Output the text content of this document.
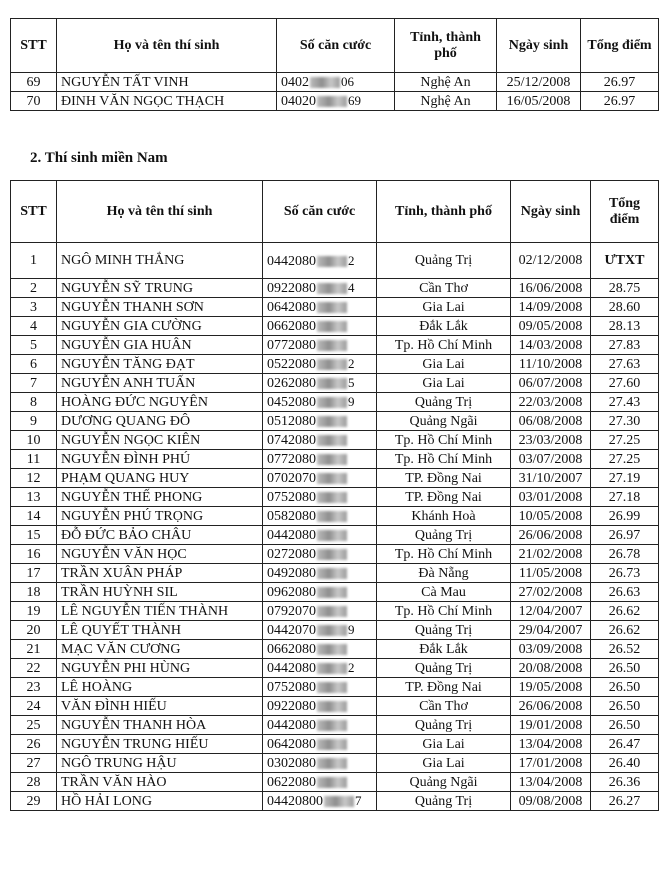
STT	Họ và tên thí sinh	Số căn cước	Tỉnh, thành phố	Ngày sinh	Tổng điểm
69	NGUYỄN TẤT VINH	0402 06	Nghệ An	25/12/2008	26.97
70	ĐINH VĂN NGỌC THẠCH	04020 69	Nghệ An	16/05/2008	26.97
2. Thí sinh miền Nam
STT	Họ và tên thí sinh	Số căn cước	Tỉnh, thành phố	Ngày sinh	Tổng điểm
1	NGÔ MINH THẮNG	0442080 2	Quảng Trị	02/12/2008	ƯTXT
2	NGUYỄN SỸ TRUNG	0922080 4	Cần Thơ	16/06/2008	28.75
3	NGUYỄN THANH SƠN	0642080	Gia Lai	14/09/2008	28.60
4	NGUYỄN GIA CƯỜNG	0662080	Đắk Lắk	09/05/2008	28.13
5	NGUYỄN GIA HUÂN	0772080	Tp. Hồ Chí Minh	14/03/2008	27.83
6	NGUYỄN TĂNG ĐẠT	0522080 2	Gia Lai	11/10/2008	27.63
7	NGUYỄN ANH TUẤN	0262080 5	Gia Lai	06/07/2008	27.60
8	HOÀNG ĐỨC NGUYÊN	0452080 9	Quảng Trị	22/03/2008	27.43
9	DƯƠNG QUANG ĐÔ	0512080	Quảng Ngãi	06/08/2008	27.30
10	NGUYỄN NGỌC KIÊN	0742080	Tp. Hồ Chí Minh	23/03/2008	27.25
11	NGUYỄN ĐÌNH PHÚ	0772080	Tp. Hồ Chí Minh	03/07/2008	27.25
12	PHẠM QUANG HUY	0702070	TP. Đồng Nai	31/10/2007	27.19
13	NGUYỄN THẾ PHONG	0752080	TP. Đồng Nai	03/01/2008	27.18
14	NGUYỄN PHÚ TRỌNG	0582080	Khánh Hoà	10/05/2008	26.99
15	ĐỖ ĐỨC BẢO CHÂU	0442080	Quảng Trị	26/06/2008	26.97
16	NGUYỄN VĂN HỌC	0272080	Tp. Hồ Chí Minh	21/02/2008	26.78
17	TRẦN XUÂN PHÁP	0492080	Đà Nẵng	11/05/2008	26.73
18	TRẦN HUỲNH SIL	0962080	Cà Mau	27/02/2008	26.63
19	LÊ NGUYỄN TIẾN THÀNH	0792070	Tp. Hồ Chí Minh	12/04/2007	26.62
20	LÊ QUYẾT THÀNH	0442070 9	Quảng Trị	29/04/2007	26.62
21	MẠC VĂN CƯƠNG	0662080	Đắk Lắk	03/09/2008	26.52
22	NGUYỄN PHI HÙNG	0442080 2	Quảng Trị	20/08/2008	26.50
23	LÊ HOÀNG	0752080	TP. Đồng Nai	19/05/2008	26.50
24	VĂN ĐÌNH HIẾU	0922080	Cần Thơ	26/06/2008	26.50
25	NGUYỄN THANH HÒA	0442080	Quảng Trị	19/01/2008	26.50
26	NGUYỄN TRUNG HIẾU	0642080	Gia Lai	13/04/2008	26.47
27	NGÔ TRUNG HẬU	0302080	Gia Lai	17/01/2008	26.40
28	TRẦN VĂN HÀO	0622080	Quảng Ngãi	13/04/2008	26.36
29	HỒ HẢI LONG	04420800 7	Quảng Trị	09/08/2008	26.27
